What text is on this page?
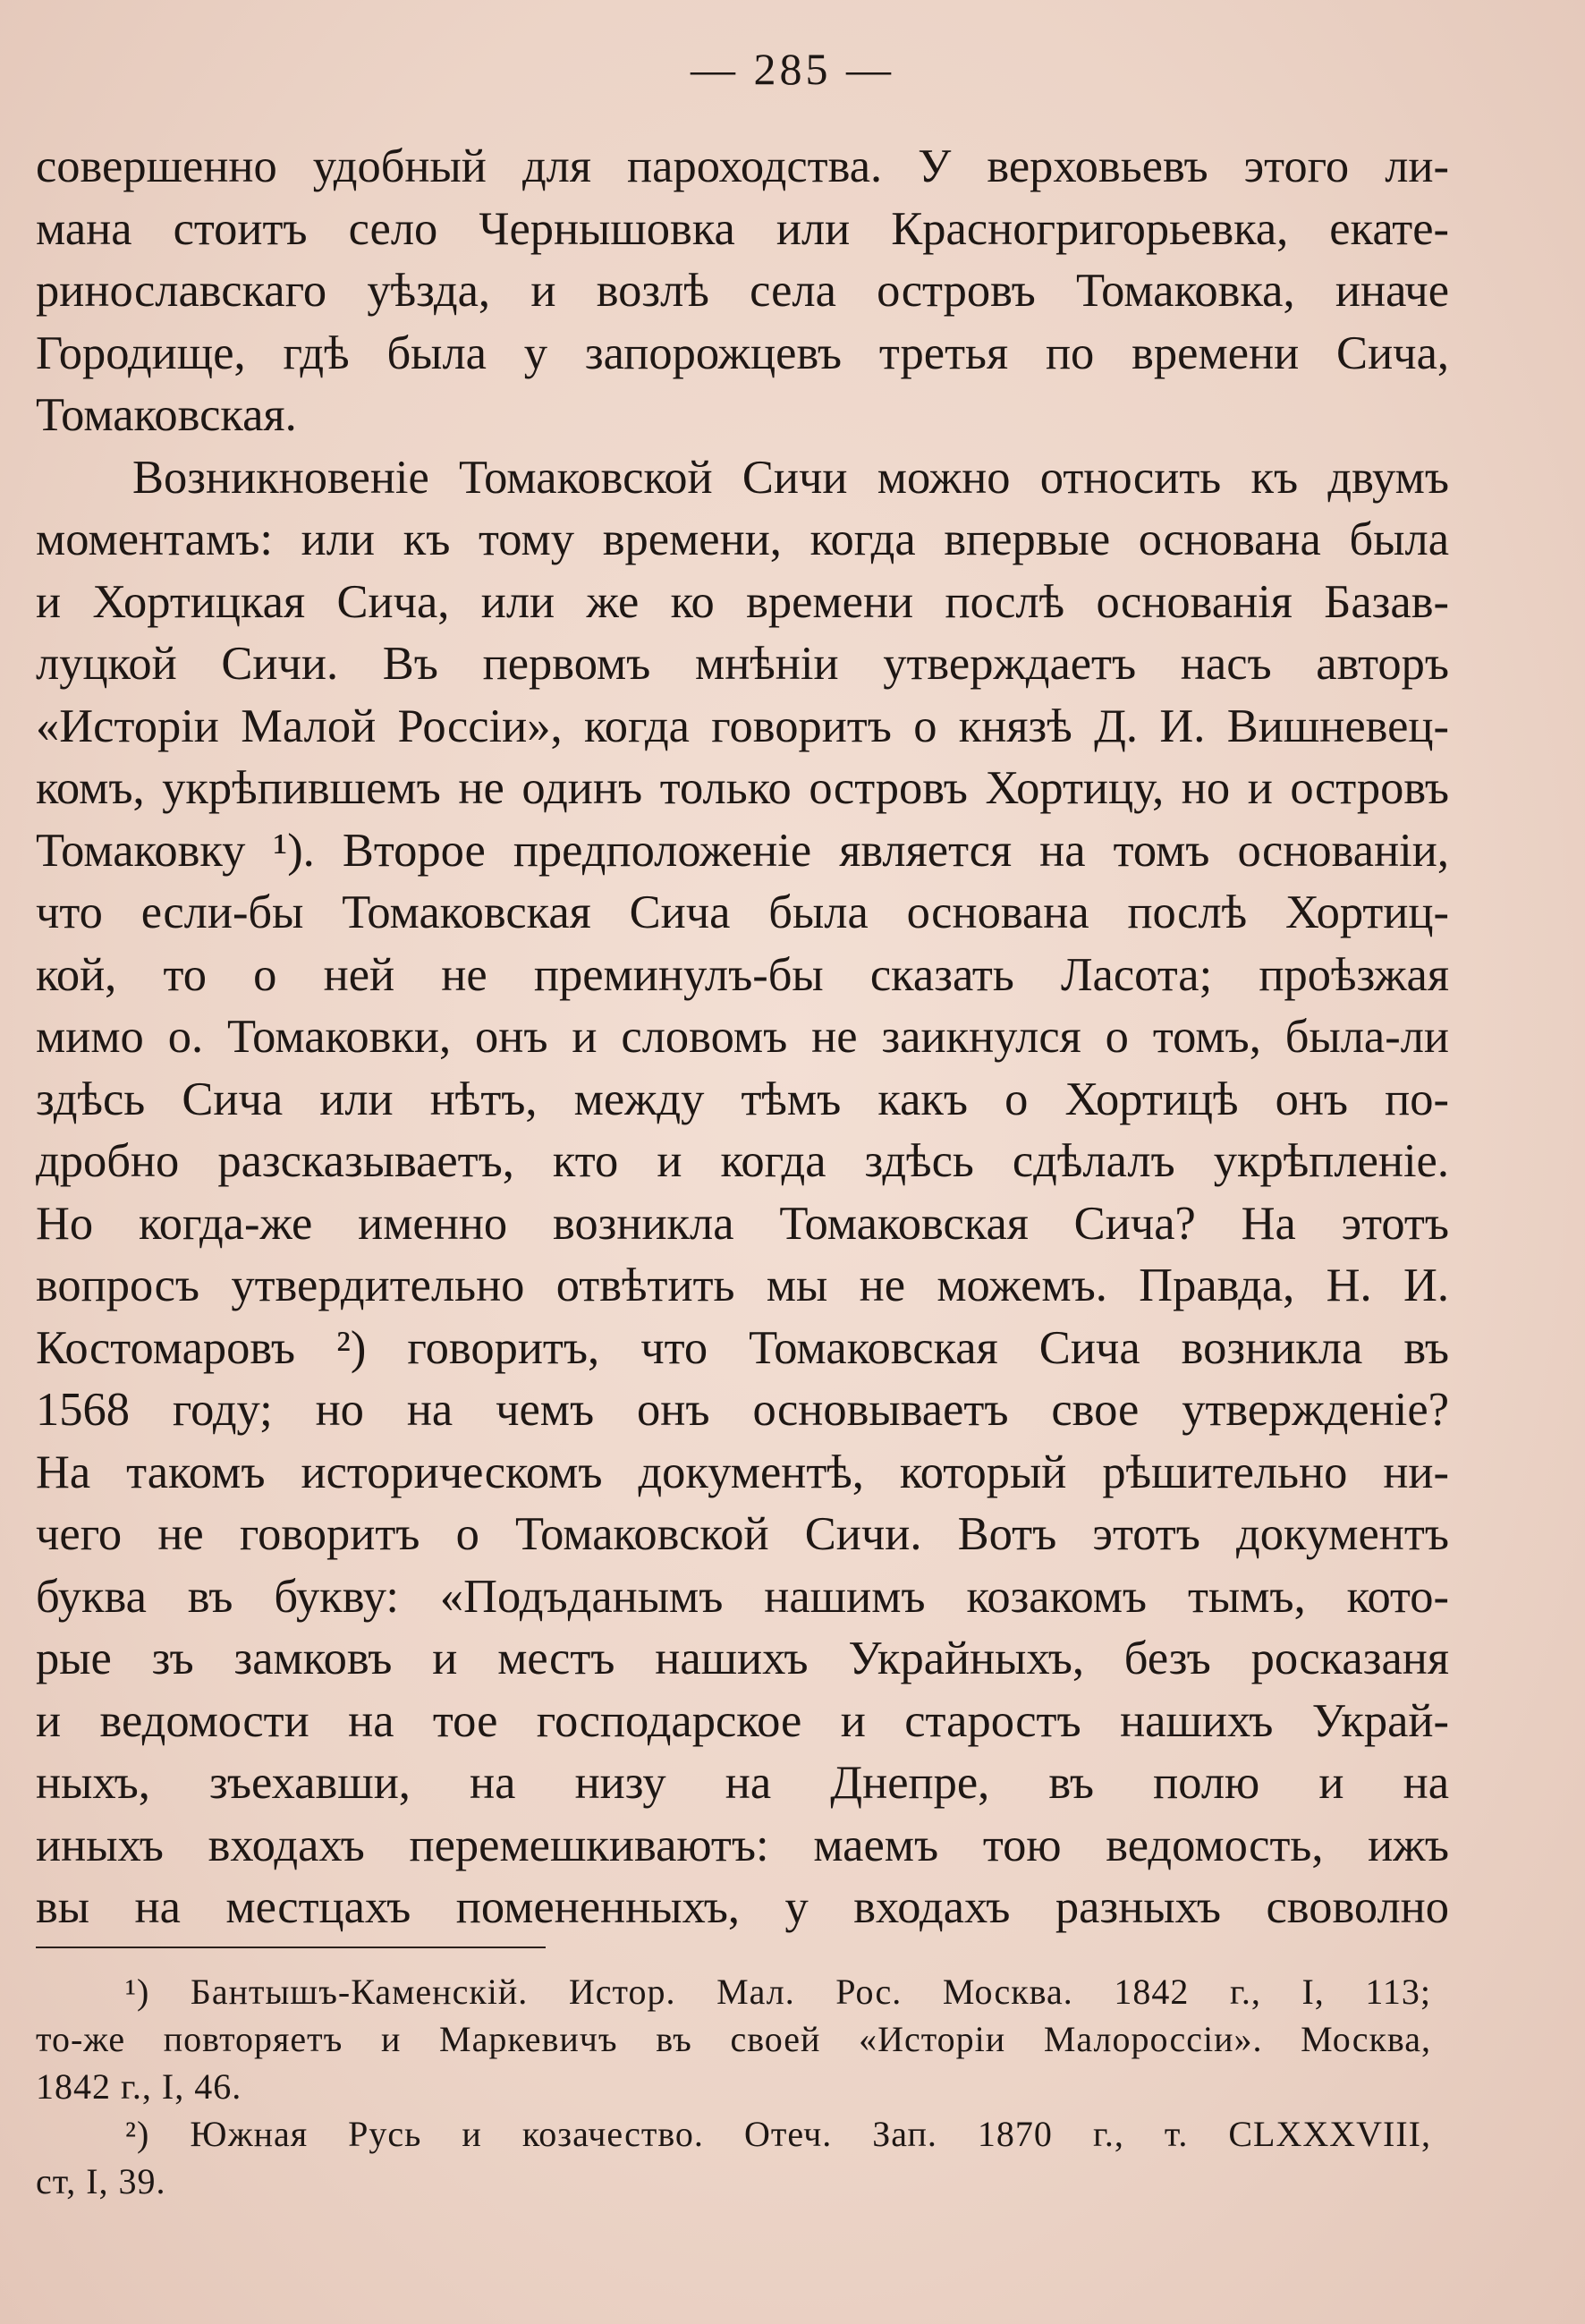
— 285 —
совершенно удобный для пароходства. У верховьевъ этого ли-
мана стоитъ село Чернышовка или Красногригорьевка, екате-
ринославскаго уѣзда, и возлѣ села островъ Томаковка, иначе
Городище, гдѣ была у запорожцевъ третья по времени Сича,
Томаковская.
Возникновеніе Томаковской Сичи можно относить къ двумъ
моментамъ: или къ тому времени, когда впервые основана была
и Хортицкая Сича, или же ко времени послѣ основанія Базав-
луцкой Сичи. Въ первомъ мнѣніи утверждаетъ насъ авторъ
«Исторіи Малой Россіи», когда говоритъ о князѣ Д. И. Вишневец-
комъ, укрѣпившемъ не одинъ только островъ Хортицу, но и островъ
Томаковку ¹). Второе предположеніе является на томъ основаніи,
что если-бы Томаковская Сича была основана послѣ Хортиц-
кой, то о ней не преминулъ-бы сказать Ласота; проѣзжая
мимо о. Томаковки, онъ и словомъ не заикнулся о томъ, была-ли
здѣсь Сича или нѣтъ, между тѣмъ какъ о Хортицѣ онъ по-
дробно разсказываетъ, кто и когда здѣсь сдѣлалъ укрѣпленіе.
Но когда-же именно возникла Томаковская Сича? На этотъ
вопросъ утвердительно отвѣтить мы не можемъ. Правда, Н. И.
Костомаровъ ²) говоритъ, что Томаковская Сича возникла въ
1568 году; но на чемъ онъ основываетъ свое утвержденіе?
На такомъ историческомъ документѣ, который рѣшительно ни-
чего не говоритъ о Томаковской Сичи. Вотъ этотъ документъ
буква въ букву: «Подъданымъ нашимъ козакомъ тымъ, кото-
рые зъ замковъ и местъ нашихъ Украйныхъ, безъ росказаня
и ведомости на тое господарское и старостъ нашихъ Украй-
ныхъ, зъехавши, на низу на Днепре, въ полю и на
иныхъ входахъ перемешкиваютъ: маемъ тою ведомость, ижъ
вы на местцахъ помененныхъ, у входахъ разныхъ своволно
¹) Бантышъ-Каменскій. Истор. Мал. Рос. Москва. 1842 г., I, 113;
то-же повторяетъ и Маркевичъ въ своей «Исторіи Малороссіи». Москва,
1842 г., I, 46.
²) Южная Русь и козачество. Отеч. Зап. 1870 г., т. CLXXXVIII,
ст, I, 39.
